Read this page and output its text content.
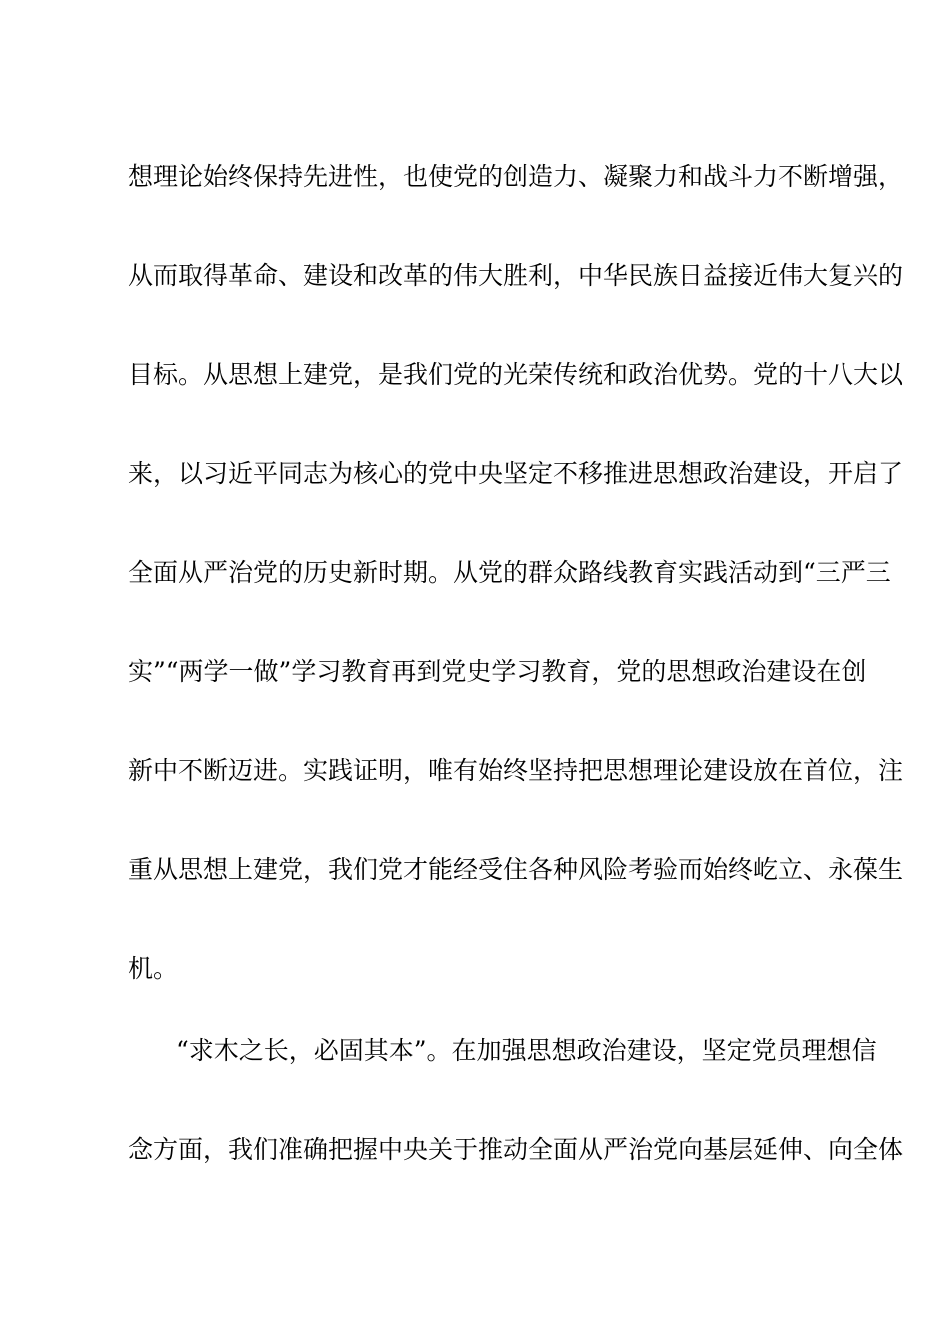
想理论始终保持先进性，也使党的创造力、凝聚力和战斗力不断增强，
从而取得革命、建设和改革的伟大胜利，中华民族日益接近伟大复兴的
目标。从思想上建党，是我们党的光荣传统和政治优势。党的十八大以
来，以习近平同志为核心的党中央坚定不移推进思想政治建设，开启了
全面从严治党的历史新时期。从党的群众路线教育实践活动到“三严三
实”“两学一做”学习教育再到党史学习教育，党的思想政治建设在创
新中不断迈进。实践证明，唯有始终坚持把思想理论建设放在首位，注
重从思想上建党，我们党才能经受住各种风险考验而始终屹立、永葆生
机。
“求木之长，必固其本”。在加强思想政治建设，坚定党员理想信
念方面，我们准确把握中央关于推动全面从严治党向基层延伸、向全体
